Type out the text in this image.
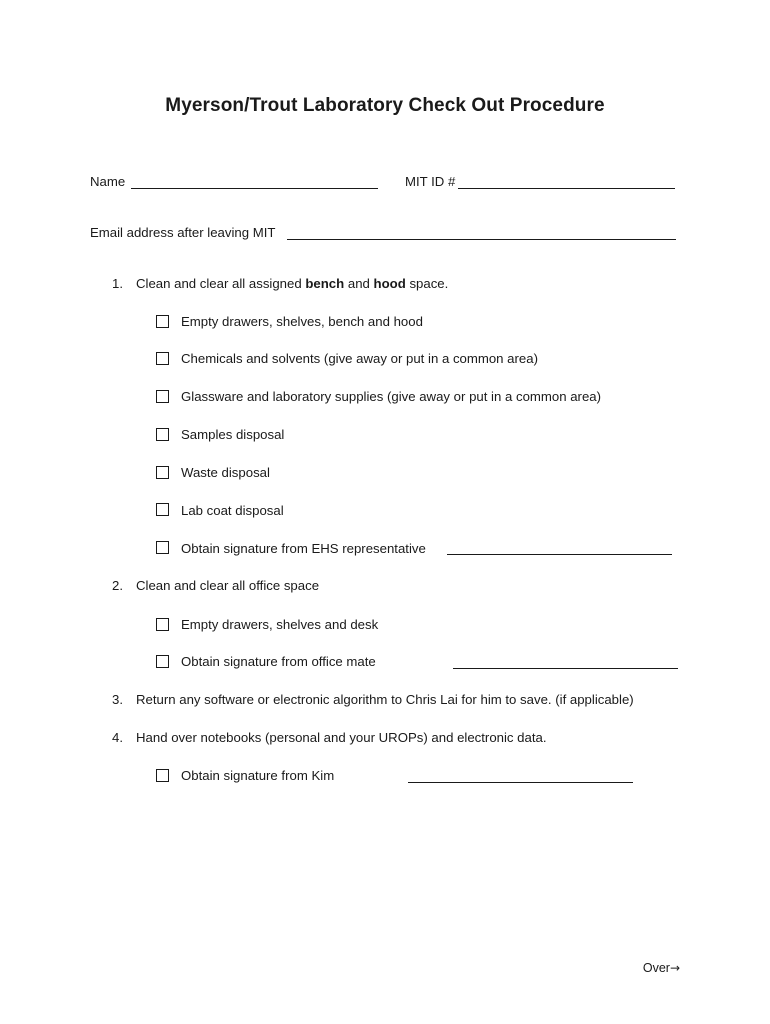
Myerson/Trout Laboratory Check Out Procedure
Name	MIT ID #
Email address after leaving MIT
1. Clean and clear all assigned bench and hood space.
Empty drawers, shelves, bench and hood
Chemicals and solvents (give away or put in a common area)
Glassware and laboratory supplies (give away or put in a common area)
Samples disposal
Waste disposal
Lab coat disposal
Obtain signature from EHS representative
2. Clean and clear all office space
Empty drawers, shelves and desk
Obtain signature from office mate
3. Return any software or electronic algorithm to Chris Lai for him to save. (if applicable)
4. Hand over notebooks (personal and your UROPs) and electronic data.
Obtain signature from Kim
Over→
